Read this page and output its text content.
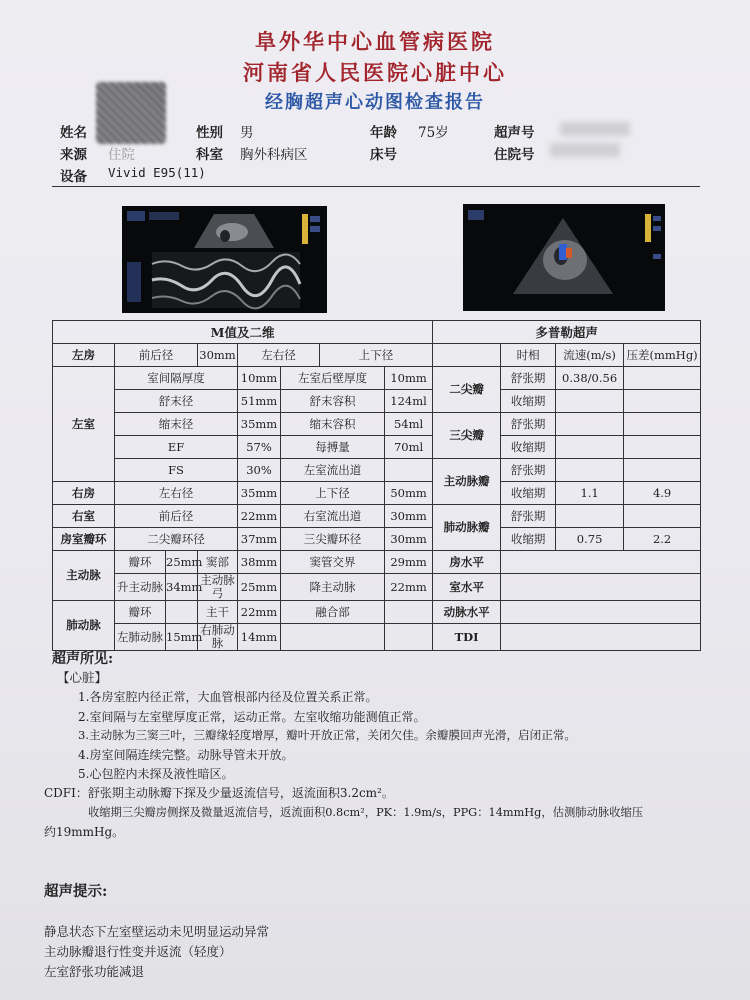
阜外华中心血管病医院
河南省人民医院心脏中心
经胸超声心动图检查报告
姓名	性别 男	年龄 75岁	超声号
来源 住院	科室 胸外科病区	床号	住院号
设备 Vivid E95(11)
M值及二维								多普勒超声			
左房	前后径		30mm	左右径		上下径			时相	流速(m/s)	压差(mmHg)
左室	室间隔厚度			10mm	左室后壁厚度		10mm	二尖瓣	舒张期	0.38/0.56	
	舒末径			51mm	舒末容积		124ml		收缩期		
	缩末径			35mm	缩末容积		54ml	三尖瓣	舒张期		
	EF			57%	每搏量		70ml		收缩期		
	FS			30%	左室流出道			主动脉瓣	舒张期		
右房	左右径			35mm	上下径		50mm		收缩期	1.1	4.9
右室	前后径			22mm	右室流出道		30mm	肺动脉瓣	舒张期		
房室瓣环	二尖瓣环径			37mm	三尖瓣环径		30mm		收缩期	0.75	2.2
主动脉	瓣环	25mm	窦部	38mm	窦管交界		29mm	房水平			
	升主动脉	34mm	主动脉弓	25mm	降主动脉		22mm	室水平			
肺动脉	瓣环		主干	22mm	融合部			动脉水平			
	左肺动脉	15mm	右肺动脉	14mm				TDI			
超声所见:
【心脏】
1.各房室腔内径正常，大血管根部内径及位置关系正常。
2.室间隔与左室壁厚度正常，运动正常。左室收缩功能测值正常。
3.主动脉为三窦三叶，三瓣缘轻度增厚，瓣叶开放正常，关闭欠佳。余瓣膜回声光滑，启闭正常。
4.房室间隔连续完整。动脉导管未开放。
5.心包腔内未探及液性暗区。
CDFI：舒张期主动脉瓣下探及少量返流信号，返流面积3.2cm²。
收缩期三尖瓣房侧探及微量返流信号，返流面积0.8cm²，PK：1.9m/s，PPG：14mmHg，估测肺动脉收缩压
约19mmHg。
超声提示:
静息状态下左室壁运动未见明显运动异常
主动脉瓣退行性变并返流（轻度）
左室舒张功能减退
